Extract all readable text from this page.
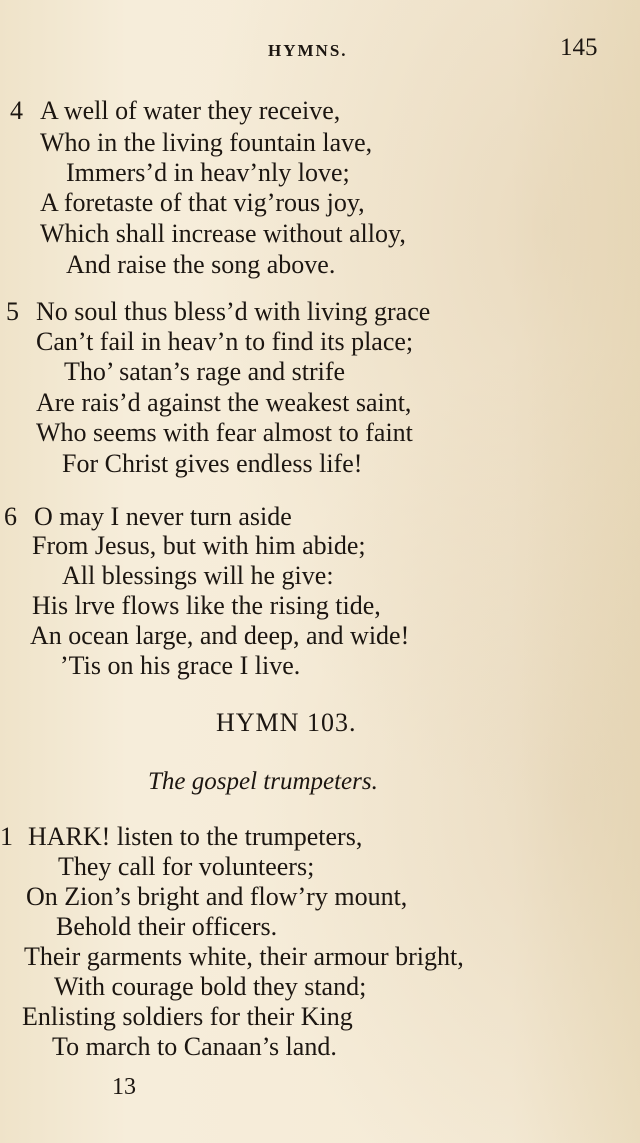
HYMNS.	145
4 A well of water they receive,
Who in the living fountain lave,
Immers’d in heav’nly love;
A foretaste of that vig’rous joy,
Which shall increase without alloy,
And raise the song above.
5 No soul thus bless’d with living grace
Can’t fail in heav’n to find its place;
Tho’ satan’s rage and strife
Are rais’d against the weakest saint,
Who seems with fear almost to faint
For Christ gives endless life!
6 O may I never turn aside
From Jesus, but with him abide;
All blessings will he give:
His lrve flows like the rising tide,
An ocean large, and deep, and wide!
’Tis on his grace I live.
HYMN 103.
The gospel trumpeters.
1 HARK! listen to the trumpeters,
They call for volunteers;
On Zion’s bright and flow’ry mount,
Behold their officers.
Their garments white, their armour bright,
With courage bold they stand;
Enlisting soldiers for their King
To march to Canaan’s land.
13
